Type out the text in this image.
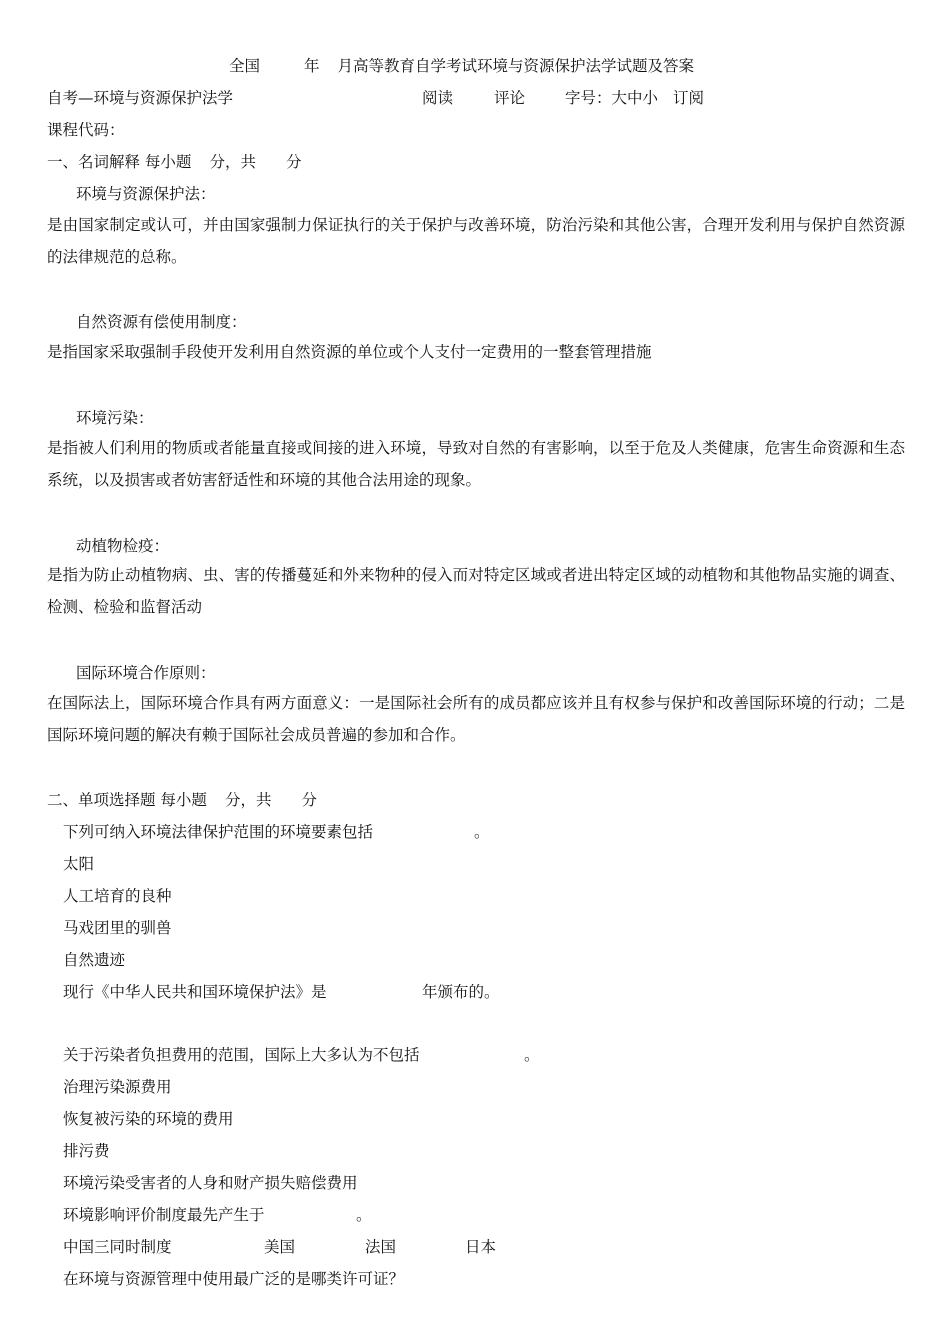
全国	年 月高等教育自学考试环境与资源保护法学试题及答案
自考—环境与资源保护法学	阅读	评论	字号：大中小 订阅
课程代码：
一、名词解释 每小题 分，共 分
环境与资源保护法：
是由国家制定或认可，并由国家强制力保证执行的关于保护与改善环境，防治污染和其他公害，合理开发利用与保护自然资源的法律规范的总称。
自然资源有偿使用制度：
是指国家采取强制手段使开发利用自然资源的单位或个人支付一定费用的一整套管理措施
环境污染：
是指被人们利用的物质或者能量直接或间接的进入环境，导致对自然的有害影响，以至于危及人类健康，危害生命资源和生态系统，以及损害或者妨害舒适性和环境的其他合法用途的现象。
动植物检疫：
是指为防止动植物病、虫、害的传播蔓延和外来物种的侵入而对特定区域或者进出特定区域的动植物和其他物品实施的调查、检测、检验和监督活动
国际环境合作原则：
在国际法上，国际环境合作具有两方面意义：一是国际社会所有的成员都应该并且有权参与保护和改善国际环境的行动；二是国际环境问题的解决有赖于国际社会成员普遍的参加和合作。
二、单项选择题 每小题 分，共 分
下列可纳入环境法律保护范围的环境要素包括	。
太阳
人工培育的良种
马戏团里的驯兽
自然遗迹
现行《中华人民共和国环境保护法》是	年颁布的。
关于污染者负担费用的范围，国际上大多认为不包括	。
治理污染源费用
恢复被污染的环境的费用
排污费
环境污染受害者的人身和财产损失赔偿费用
环境影响评价制度最先产生于	。
中国三同时制度	美国	法国	日本
在环境与资源管理中使用最广泛的是哪类许可证？
